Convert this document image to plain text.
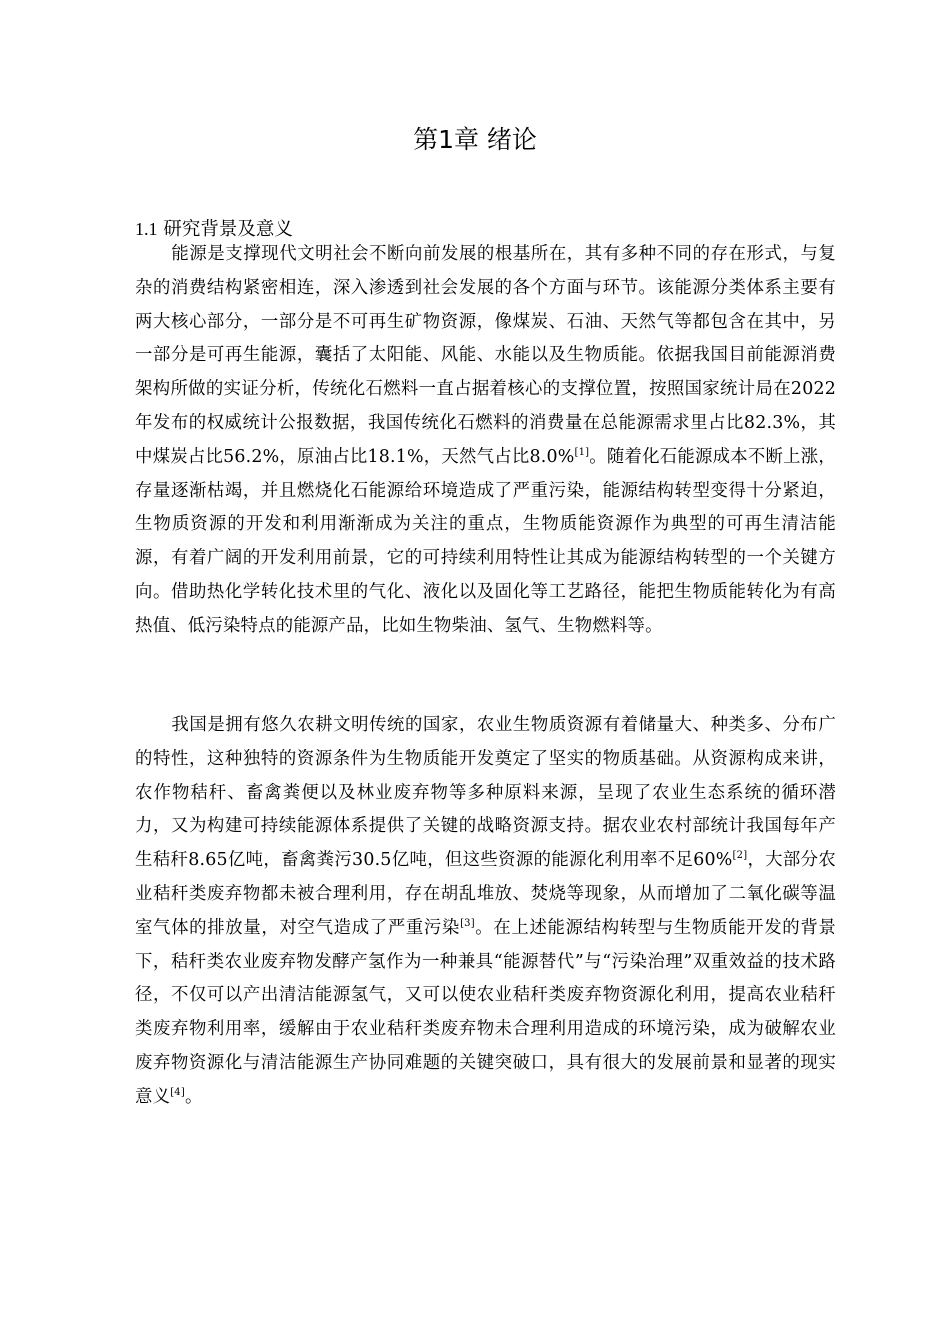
第1章 绪论
1.1 研究背景及意义

能源是支撑现代文明社会不断向前发展的根基所在，其有多种不同的存在形式，与复杂的消费结构紧密相连，深入渗透到社会发展的各个方面与环节。该能源分类体系主要有两大核心部分，一部分是不可再生矿物资源，像煤炭、石油、天然气等都包含在其中，另一部分是可再生能源，囊括了太阳能、风能、水能以及生物质能。依据我国目前能源消费架构所做的实证分析，传统化石燃料一直占据着核心的支撑位置，按照国家统计局在2022年发布的权威统计公报数据，我国传统化石燃料的消费量在总能源需求里占比82.3%，其中煤炭占比56.2%，原油占比18.1%，天然气占比8.0%[1]。随着化石能源成本不断上涨，存量逐渐枯竭，并且燃烧化石能源给环境造成了严重污染，能源结构转型变得十分紧迫，生物质资源的开发和利用渐渐成为关注的重点，生物质能资源作为典型的可再生清洁能源，有着广阔的开发利用前景，它的可持续利用特性让其成为能源结构转型的一个关键方向。借助热化学转化技术里的气化、液化以及固化等工艺路径，能把生物质能转化为有高热值、低污染特点的能源产品，比如生物柴油、氢气、生物燃料等。

我国是拥有悠久农耕文明传统的国家，农业生物质资源有着储量大、种类多、分布广的特性，这种独特的资源条件为生物质能开发奠定了坚实的物质基础。从资源构成来讲，农作物秸秆、畜禽粪便以及林业废弃物等多种原料来源，呈现了农业生态系统的循环潜力，又为构建可持续能源体系提供了关键的战略资源支持。据农业农村部统计我国每年产生秸秆8.65亿吨，畜禽粪污30.5亿吨，但这些资源的能源化利用率不足60%[2]，大部分农业秸秆类废弃物都未被合理利用，存在胡乱堆放、焚烧等现象，从而增加了二氧化碳等温室气体的排放量，对空气造成了严重污染[3]。在上述能源结构转型与生物质能开发的背景下，秸秆类农业废弃物发酵产氢作为一种兼具“能源替代”与“污染治理”双重效益的技术路径，不仅可以产出清洁能源氢气，又可以使农业秸秆类废弃物资源化利用，提高农业秸秆类废弃物利用率，缓解由于农业秸秆类废弃物未合理利用造成的环境污染，成为破解农业废弃物资源化与清洁能源生产协同难题的关键突破口，具有很大的发展前景和显著的现实意义[4]。
